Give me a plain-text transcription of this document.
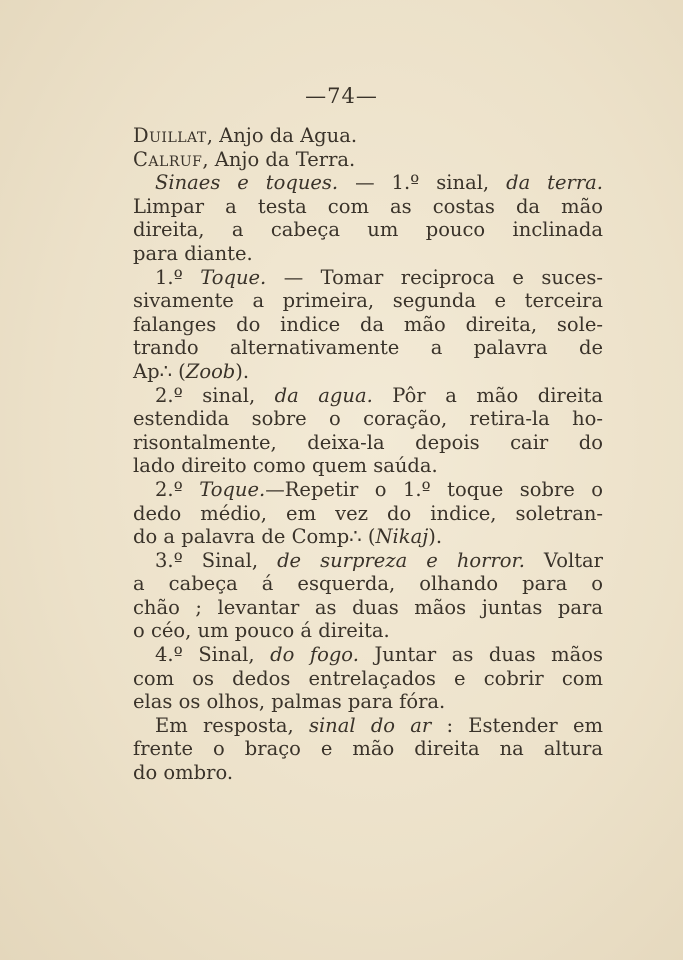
—74—
Duillat, Anjo da Agua.
Calruf, Anjo da Terra.
Sinaes e toques. — 1.º sinal, da terra.
Limpar a testa com as costas da mão
direita, a cabeça um pouco inclinada
para diante.
1.º Toque. — Tomar reciproca e suces-
sivamente a primeira, segunda e terceira
falanges do indice da mão direita, sole-
trando alternativamente a palavra de
Ap∴ (Zoob).
2.º sinal, da agua. Pôr a mão direita
estendida sobre o coração, retira-la ho-
risontalmente, deixa-la depois cair do
lado direito como quem saúda.
2.º Toque.—Repetir o 1.º toque sobre o
dedo médio, em vez do indice, soletran-
do a palavra de Comp∴ (Nikaj).
3.º Sinal, de surpreza e horror. Voltar
a cabeça á esquerda, olhando para o
chão ; levantar as duas mãos juntas para
o céo, um pouco á direita.
4.º Sinal, do fogo. Juntar as duas mãos
com os dedos entrelaçados e cobrir com
elas os olhos, palmas para fóra.
Em resposta, sinal do ar : Estender em
frente o braço e mão direita na altura
do ombro.
